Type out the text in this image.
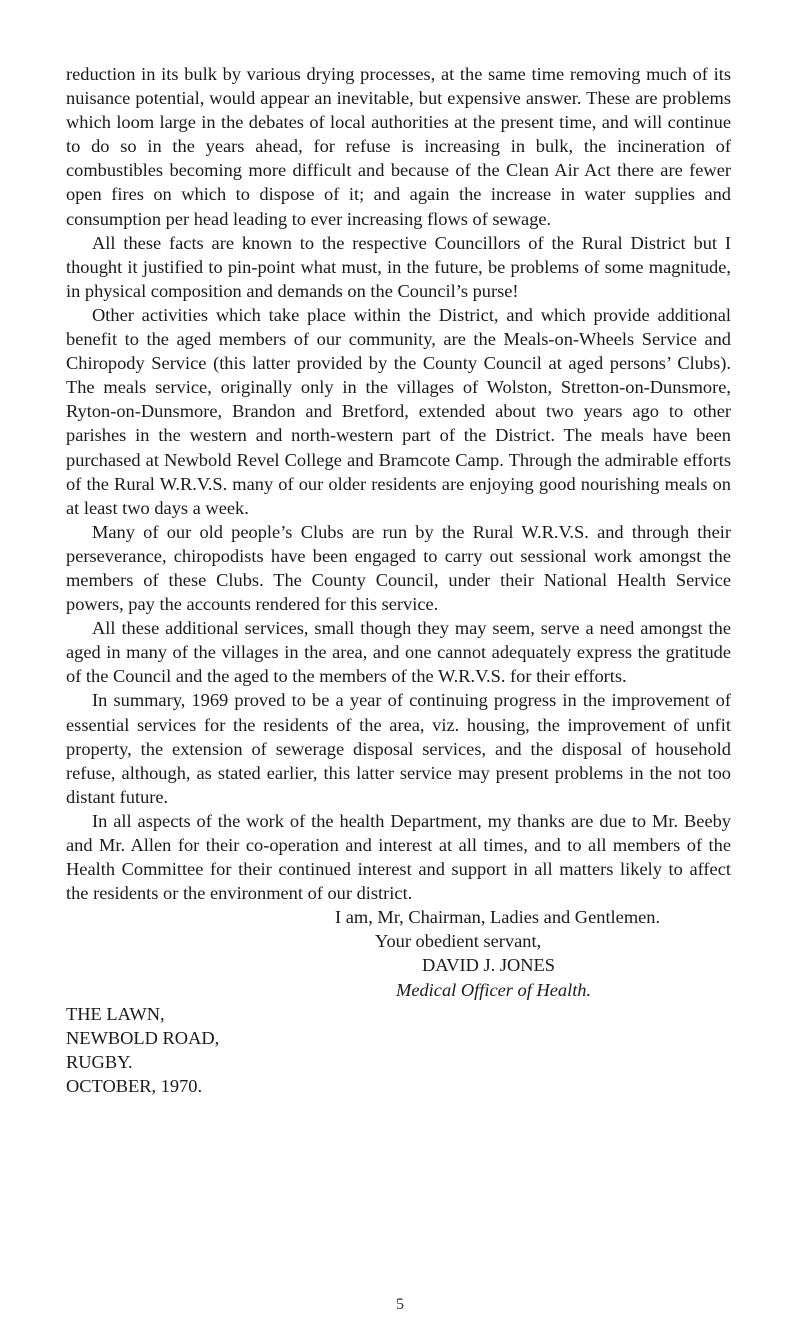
reduction in its bulk by various drying processes, at the same time removing much of its nuisance potential, would appear an inevitable, but expensive answer. These are problems which loom large in the debates of local authorities at the present time, and will continue to do so in the years ahead, for refuse is increasing in bulk, the incineration of combustibles becoming more difficult and because of the Clean Air Act there are fewer open fires on which to dispose of it; and again the increase in water supplies and consumption per head leading to ever increasing flows of sewage.

All these facts are known to the respective Councillors of the Rural District but I thought it justified to pin-point what must, in the future, be problems of some magnitude, in physical composition and demands on the Council’s purse!

Other activities which take place within the District, and which provide additional benefit to the aged members of our community, are the Meals-on-Wheels Service and Chiropody Service (this latter provided by the County Council at aged persons’ Clubs). The meals service, originally only in the villages of Wolston, Stretton-on-Dunsmore, Ryton-on-Dunsmore, Brandon and Bretford, extended about two years ago to other parishes in the western and north-western part of the District. The meals have been purchased at Newbold Revel College and Bramcote Camp. Through the admirable efforts of the Rural W.R.V.S. many of our older residents are enjoying good nourishing meals on at least two days a week.

Many of our old people’s Clubs are run by the Rural W.R.V.S. and through their perseverance, chiropodists have been engaged to carry out sessional work amongst the members of these Clubs. The County Council, under their National Health Service powers, pay the accounts rendered for this service.

All these additional services, small though they may seem, serve a need amongst the aged in many of the villages in the area, and one cannot adequately express the gratitude of the Council and the aged to the members of the W.R.V.S. for their efforts.

In summary, 1969 proved to be a year of continuing progress in the improvement of essential services for the residents of the area, viz. housing, the improvement of unfit property, the extension of sewerage disposal services, and the disposal of household refuse, although, as stated earlier, this latter service may present problems in the not too distant future.

In all aspects of the work of the health Department, my thanks are due to Mr. Beeby and Mr. Allen for their co-operation and interest at all times, and to all members of the Health Committee for their continued interest and support in all matters likely to affect the residents or the environment of our district.

I am, Mr, Chairman, Ladies and Gentlemen.
Your obedient servant,
DAVID J. JONES
Medical Officer of Health.
THE LAWN,
NEWBOLD ROAD,
RUGBY.
OCTOBER, 1970.
5
